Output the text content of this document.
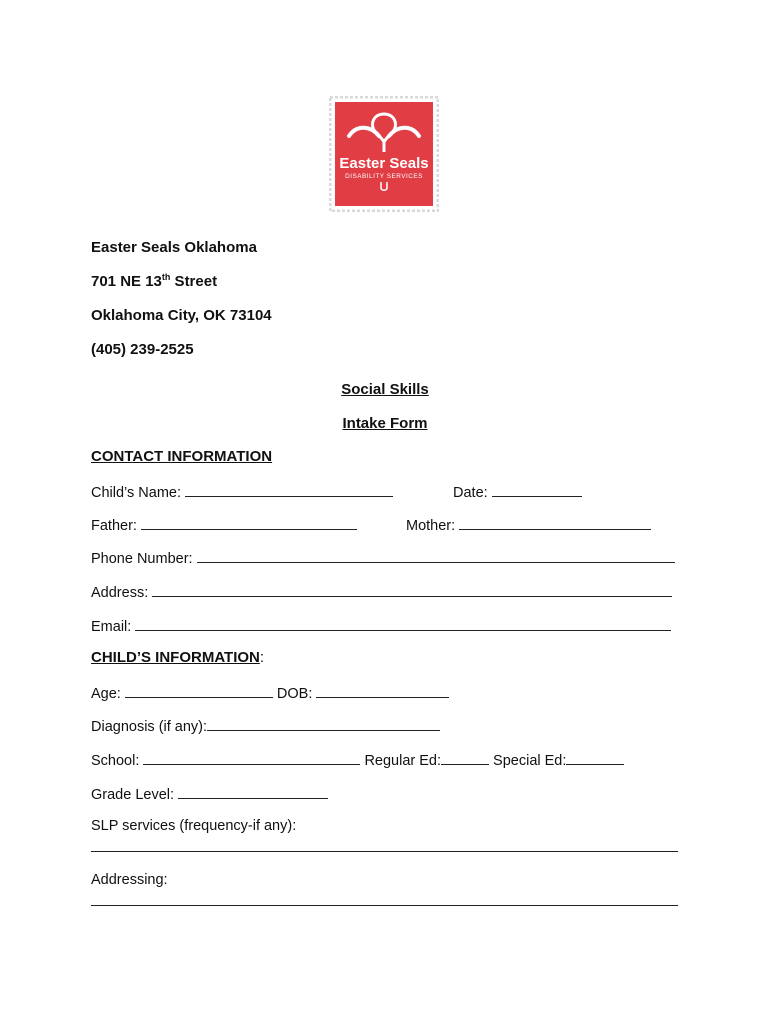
Easter Seals
DISABILITY SERVICES
Easter Seals Oklahoma
701 NE 13th Street
Oklahoma City, OK 73104
(405) 239-2525
Social Skills
Intake Form
CONTACT INFORMATION
Child’s Name:	Date:
Father:	Mother:
Phone Number:
Address:
Email:
CHILD’S INFORMATION:
Age:	DOB:
Diagnosis (if any):
School:	Regular Ed:	Special Ed:
Grade Level:
SLP services (frequency-if any):
Addressing:
